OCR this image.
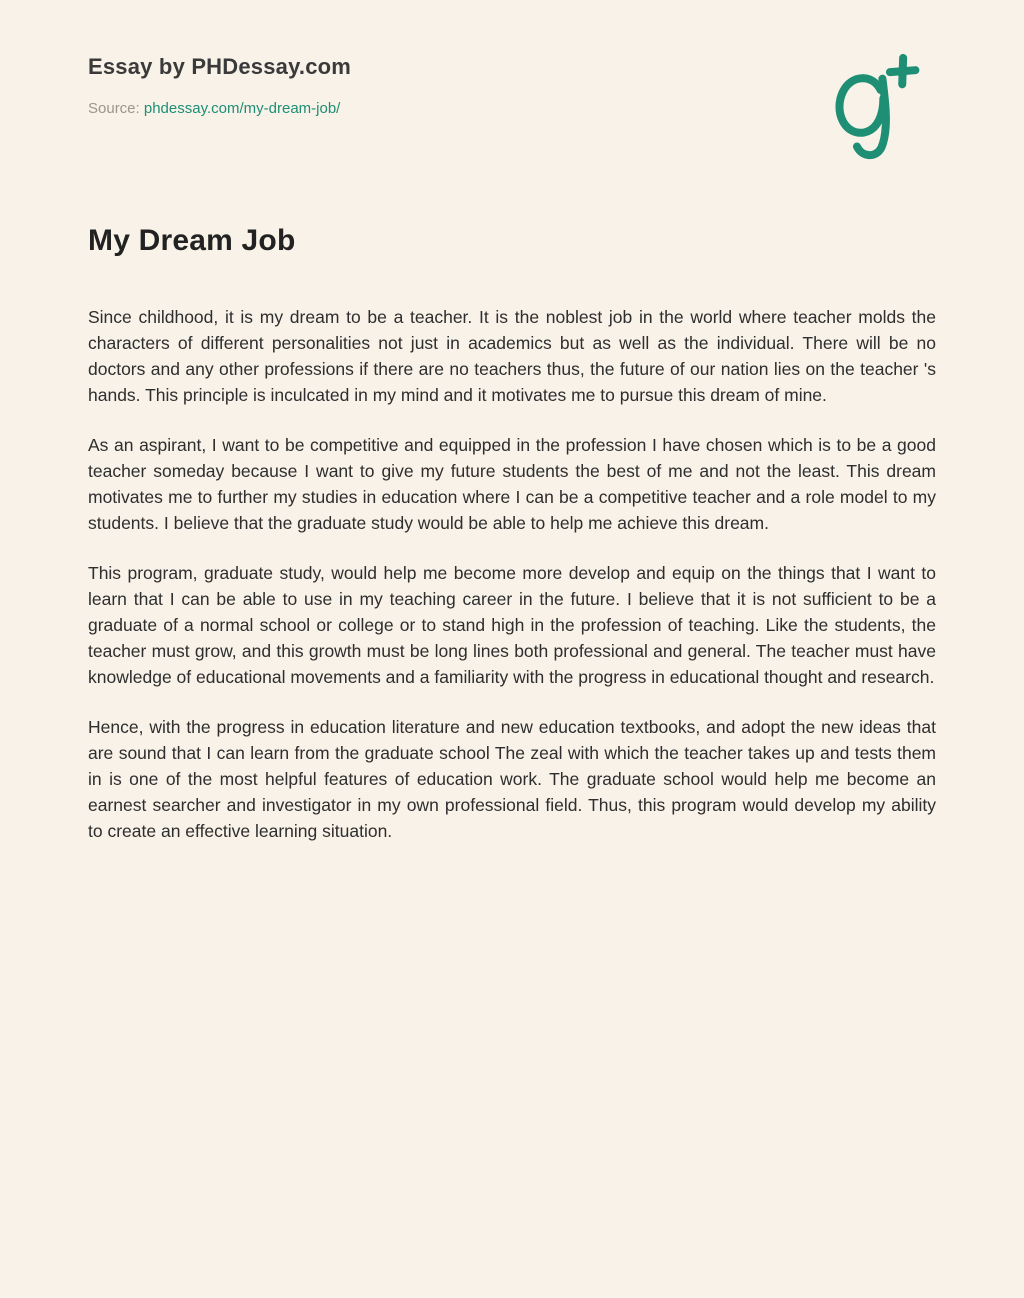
Essay by PHDessay.com
Source: phdessay.com/my-dream-job/
My Dream Job

Since childhood, it is my dream to be a teacher. It is the noblest job in the world where teacher molds the characters of different personalities not just in academics but as well as the individual. There will be no doctors and any other professions if there are no teachers thus, the future of our nation lies on the teacher 's hands. This principle is inculcated in my mind and it motivates me to pursue this dream of mine.

As an aspirant, I want to be competitive and equipped in the profession I have chosen which is to be a good teacher someday because I want to give my future students the best of me and not the least. This dream motivates me to further my studies in education where I can be a competitive teacher and a role model to my students. I believe that the graduate study would be able to help me achieve this dream.

This program, graduate study, would help me become more develop and equip on the things that I want to learn that I can be able to use in my teaching career in the future. I believe that it is not sufficient to be a graduate of a normal school or college or to stand high in the profession of teaching. Like the students, the teacher must grow, and this growth must be long lines both professional and general. The teacher must have knowledge of educational movements and a familiarity with the progress in educational thought and research.

Hence, with the progress in education literature and new education textbooks, and adopt the new ideas that are sound that I can learn from the graduate school The zeal with which the teacher takes up and tests them in is one of the most helpful features of education work. The graduate school would help me become an earnest searcher and investigator in my own professional field. Thus, this program would develop my ability to create an effective learning situation.
